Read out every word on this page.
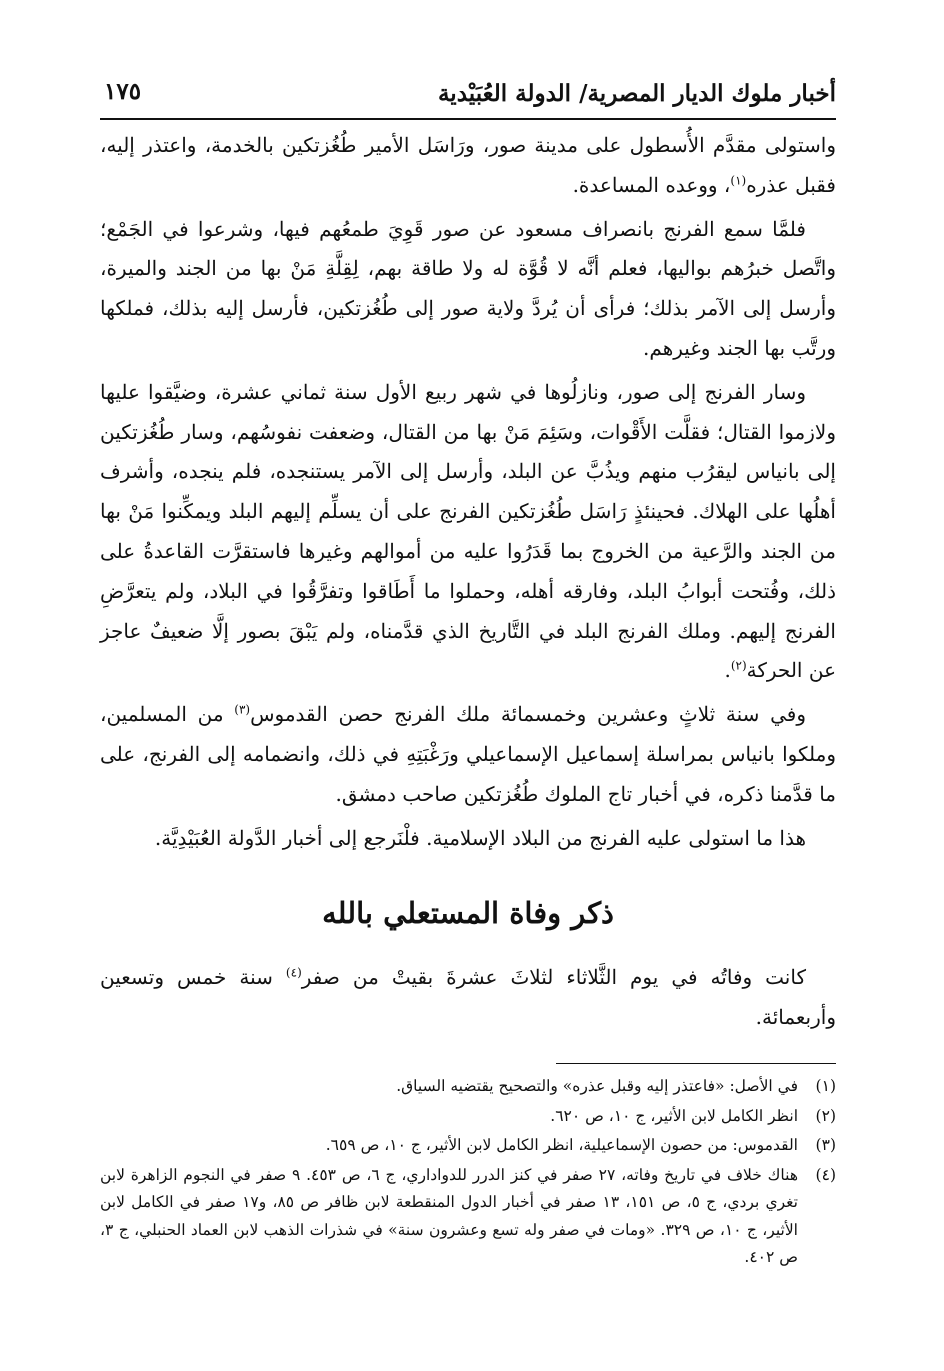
أخبار ملوك الديار المصرية/ الدولة العُبَيْدية
١٧٥

واستولى مقدَّم الأُسطول على مدينة صور، ورَاسَل الأمير طُغُزتكين بالخدمة، واعتذر إليه، فقبل عذره$^{(١)}$، ووعده المساعدة.

فلمَّا سمع الفرنج بانصراف مسعود عن صور قَوِيَ طمعُهم فيها، وشرعوا في الجَمْع؛ واتَّصل خبرُهم بواليها، فعلم أنَّه لا قُوَّة له ولا طاقة بهم، لِقِلَّةِ مَنْ بها من الجند والميرة، وأرسل إلى الآمر بذلك؛ فرأى أن يُردَّ ولاية صور إلى طُغُزتكين، فأرسل إليه بذلك، فملكها ورتَّب بها الجند وغيرهم.

وسار الفرنج إلى صور، ونازلُوها في شهر ربيع الأول سنة ثماني عشرة، وضيَّقوا عليها ولازموا القتال؛ فقلَّت الأَقْوات، وسَئِمَ مَنْ بها من القتال، وضعفت نفوسُهم، وسار طُغُزتكين إلى بانياس ليقرُب منهم ويذُبَّ عن البلد، وأرسل إلى الآمر يستنجده، فلم ينجده، وأشرف أهلُها على الهلاك. فحينئذٍ رَاسَل طُغُزتكين الفرنج على أن يسلِّم إليهم البلد ويمكِّنوا مَنْ بها من الجند والرَّعية من الخروج بما قَدَرُوا عليه من أموالهم وغيرها فاستقرَّت القاعدةُ على ذلك، وفُتحت أبوابُ البلد، وفارقه أهله، وحملوا ما أَطَاقوا وتفرَّقُوا في البلاد، ولم يتعرَّضِ الفرنج إليهم. وملك الفرنج البلد في التَّاريخ الذي قدَّمناه، ولم يَبْقَ بصور إلَّا ضعيفٌ عاجز عن الحركة$^{(٢)}$.

وفي سنة ثلاثٍ وعشرين وخمسمائة ملك الفرنج حصن القدموس$^{(٣)}$ من المسلمين، وملكوا بانياس بمراسلة إسماعيل الإسماعيلي ورَغْبَتِهِ في ذلك، وانضمامه إلى الفرنج، على ما قدَّمنا ذكره، في أخبار تاج الملوك طُغُزتكين صاحب دمشق.

هذا ما استولى عليه الفرنج من البلاد الإسلامية. فلْنَرجع إلى أخبار الدَّولة العُبَيْدِيَّة.

ذكر وفاة المستعلي بالله

كانت وفاتُه في يوم الثَّلاثاء لثلاثَ عشرةَ بقيتْ من صفر$^{(٤)}$ سنة خمس وتسعين وأربعمائة.

(١)
في الأصل: «فاعتذر إليه وقبل عذره» والتصحيح يقتضيه السياق.
(٢)
انظر الكامل لابن الأثير، ج ١٠، ص ٦٢٠.
(٣)
القدموس: من حصون الإسماعيلية، انظر الكامل لابن الأثير، ج ١٠، ص ٦٥٩.
(٤)
هناك خلاف في تاريخ وفاته، ٢٧ صفر في كنز الدرر للدواداري، ج ٦، ص ٤٥٣. ٩ صفر في النجوم الزاهرة لابن تغري بردي، ج ٥، ص ١٥١، ١٣ صفر في أخبار الدول المنقطعة لابن ظافر ص ٨٥، و١٧ صفر في الكامل لابن الأثير، ج ١٠، ص ٣٢٩. «ومات في صفر وله تسع وعشرون سنة» في شذرات الذهب لابن العماد الحنبلي، ج ٣، ص ٤٠٢.
